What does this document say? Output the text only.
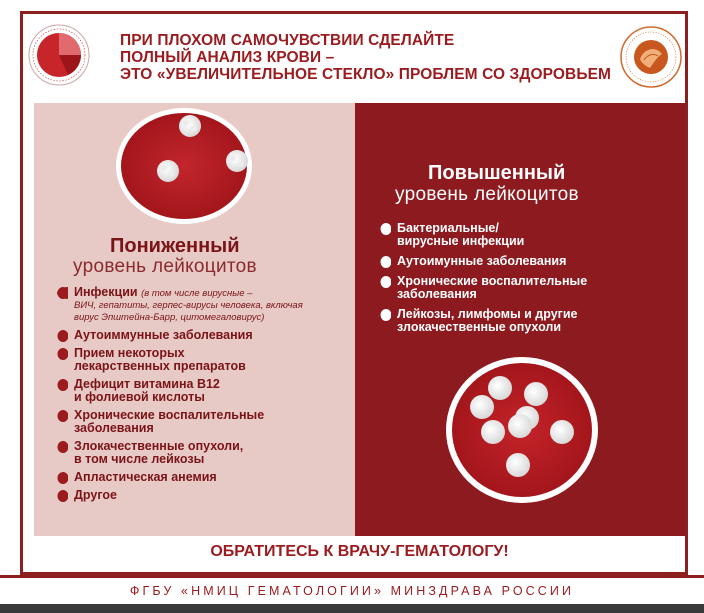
ПРИ ПЛОХОМ САМОЧУВСТВИИ СДЕЛАЙТЕ
ПОЛНЫЙ АНАЛИЗ КРОВИ –
ЭТО «УВЕЛИЧИТЕЛЬНОЕ СТЕКЛО» ПРОБЛЕМ СО ЗДОРОВЬЕМ
Пониженный
уровень лейкоцитов
Повышенный
уровень лейкоцитов
Инфекции (в том числе вирусные –
ВИЧ, гепатиты, герпес-вирусы человека, включая
вирус Эпштейна-Барр, цитомегаловирус)
Аутоиммунные заболевания
Прием некоторых
лекарственных препаратов
Дефицит витамина В12
и фолиевой кислоты
Хронические воспалительные
заболевания
Злокачественные опухоли,
в том числе лейкозы
Апластическая анемия
Другое
Бактериальные/
вирусные инфекции
Аутоимунные заболевания
Хронические воспалительные
заболевания
Лейкозы, лимфомы и другие
злокачественные опухоли

ОБРАТИТЕСЬ К ВРАЧУ-ГЕМАТОЛОГУ!

ФГБУ «НМИЦ ГЕМАТОЛОГИИ» МИНЗДРАВА РОССИИ
